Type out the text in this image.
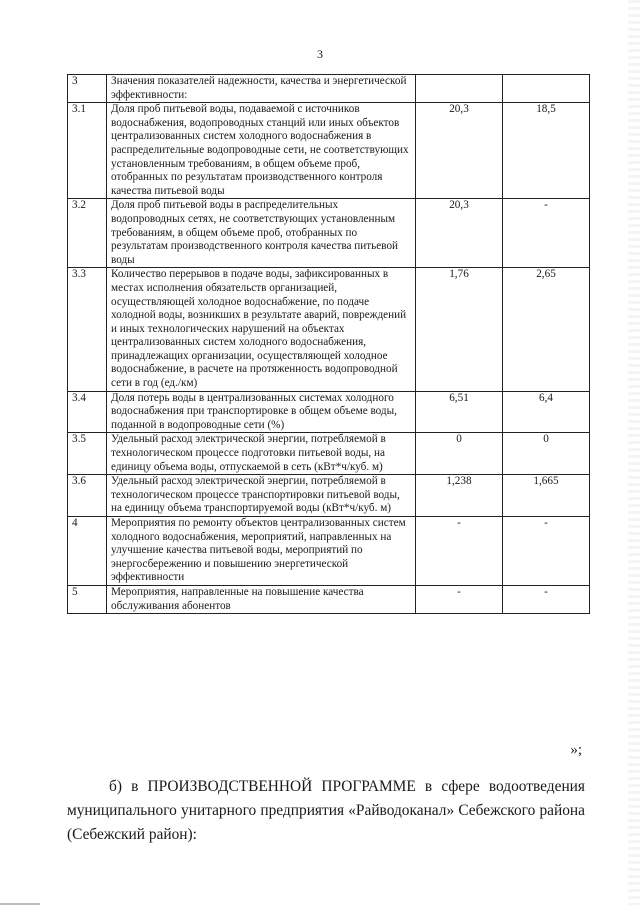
3
3	Значения показателей надежности, качества и энергетической эффективности:		
3.1	Доля проб питьевой воды, подаваемой с источников водоснабжения, водопроводных станций или иных объектов централизованных систем холодного водоснабжения в распределительные водопроводные сети, не соответствующих установленным требованиям, в общем объеме проб, отобранных по результатам производственного контроля качества питьевой воды	20,3	18,5
3.2	Доля проб питьевой воды в распределительных водопроводных сетях, не соответствующих установленным требованиям, в общем объеме проб, отобранных по результатам производственного контроля качества питьевой воды	20,3	-
3.3	Количество перерывов в подаче воды, зафиксированных в местах исполнения обязательств организацией, осуществляющей холодное водоснабжение, по подаче холодной воды, возникших в результате аварий, повреждений и иных технологических нарушений на объектах централизованных систем холодного водоснабжения, принадлежащих организации, осуществляющей холодное водоснабжение, в расчете на протяженность водопроводной сети в год (ед./км)	1,76	2,65
3.4	Доля потерь воды в централизованных системах холодного водоснабжения при транспортировке в общем объеме воды, поданной в водопроводные сети (%)	6,51	6,4
3.5	Удельный расход электрической энергии, потребляемой в технологическом процессе подготовки питьевой воды, на единицу объема воды, отпускаемой в сеть (кВт*ч/куб. м)	0	0
3.6	Удельный расход электрической энергии, потребляемой в технологическом процессе транспортировки питьевой воды, на единицу объема транспортируемой воды (кВт*ч/куб. м)	1,238	1,665
4	Мероприятия по ремонту объектов централизованных систем холодного водоснабжения, мероприятий, направленных на улучшение качества питьевой воды, мероприятий по энергосбережению и повышению энергетической эффективности	-	-
5	Мероприятия, направленные на повышение качества обслуживания абонентов	-	-
»;

б) в ПРОИЗВОДСТВЕННОЙ ПРОГРАММЕ в сфере водоотведения муниципального унитарного предприятия «Райводоканал» Себежского района (Себежский район):
